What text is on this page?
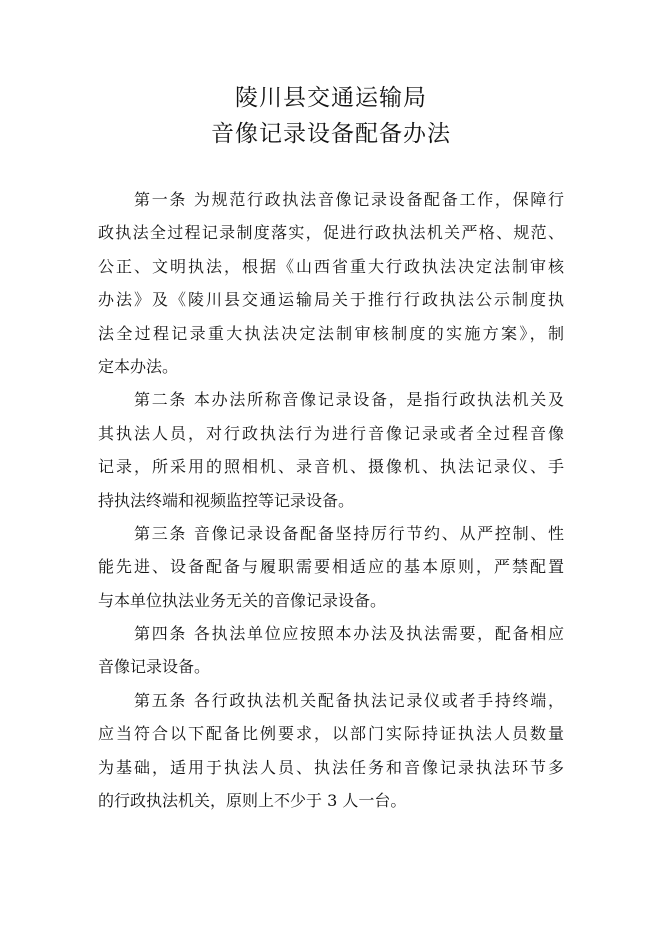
陵川县交通运输局
音像记录设备配备办法

第一条 为规范行政执法音像记录设备配备工作，保障行
政执法全过程记录制度落实，促进行政执法机关严格、规范、
公正、文明执法，根据《山西省重大行政执法决定法制审核
办法》及《陵川县交通运输局关于推行行政执法公示制度执
法全过程记录重大执法决定法制审核制度的实施方案》，制
定本办法。

第二条 本办法所称音像记录设备，是指行政执法机关及
其执法人员，对行政执法行为进行音像记录或者全过程音像
记录，所采用的照相机、录音机、摄像机、执法记录仪、手
持执法终端和视频监控等记录设备。

第三条 音像记录设备配备坚持厉行节约、从严控制、性
能先进、设备配备与履职需要相适应的基本原则，严禁配置
与本单位执法业务无关的音像记录设备。

第四条 各执法单位应按照本办法及执法需要，配备相应
音像记录设备。

第五条 各行政执法机关配备执法记录仪或者手持终端，
应当符合以下配备比例要求，以部门实际持证执法人员数量
为基础，适用于执法人员、执法任务和音像记录执法环节多
的行政执法机关，原则上不少于 3 人一台。
